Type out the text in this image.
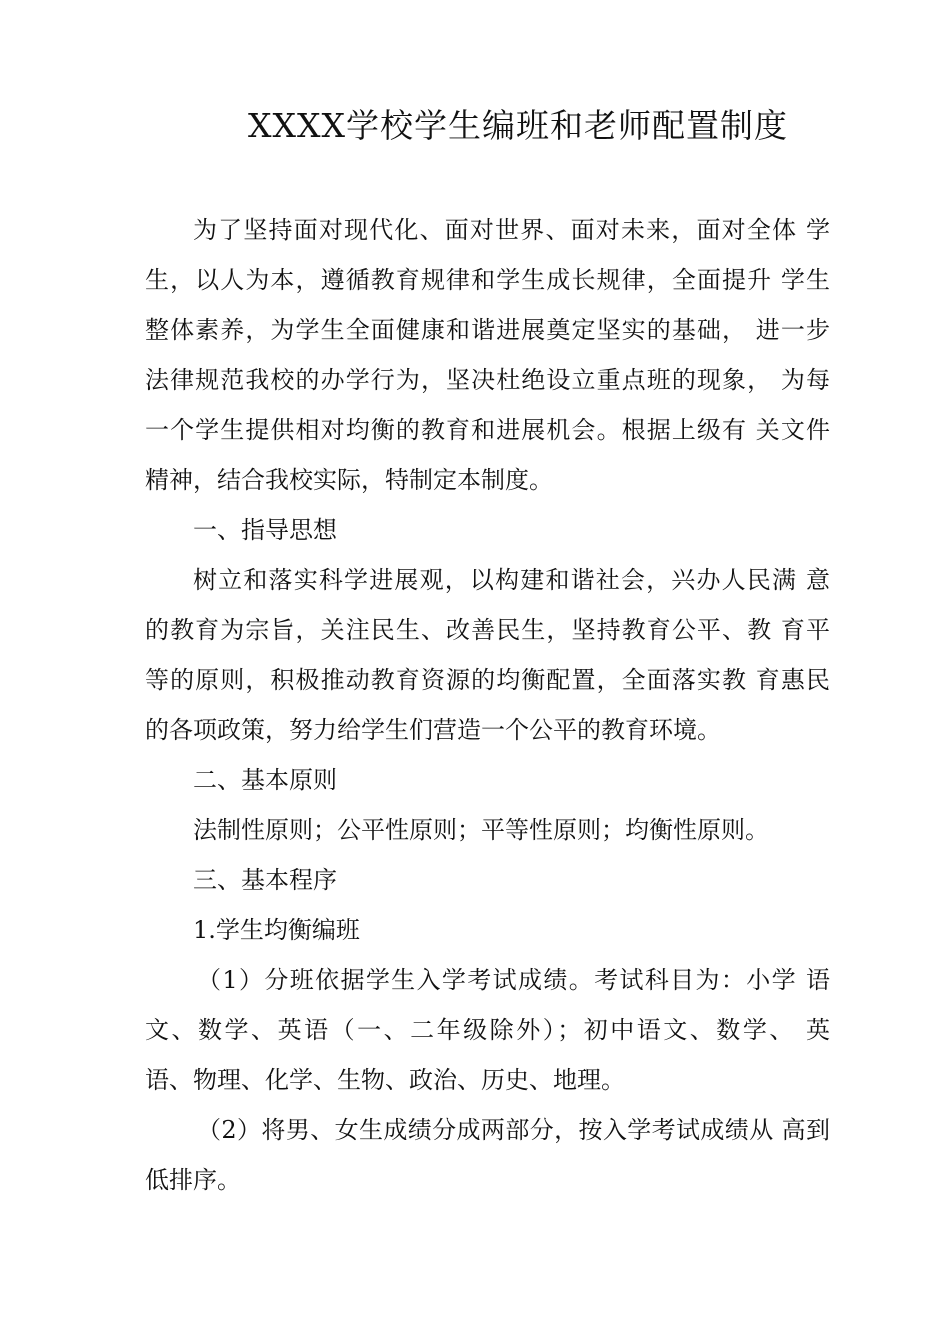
XXXX学校学生编班和老师配置制度
为了坚持面对现代化、面对世界、面对未来，面对全体 学
生，以人为本，遵循教育规律和学生成长规律，全面提升 学生
整体素养，为学生全面健康和谐进展奠定坚实的基础， 进一步
法律规范我校的办学行为，坚决杜绝设立重点班的现象， 为每
一个学生提供相对均衡的教育和进展机会。根据上级有 关文件
精神，结合我校实际，特制定本制度。
一、指导思想
树立和落实科学进展观，以构建和谐社会，兴办人民满 意
的教育为宗旨，关注民生、改善民生，坚持教育公平、教 育平
等的原则，积极推动教育资源的均衡配置，全面落实教 育惠民
的各项政策，努力给学生们营造一个公平的教育环境。
二、基本原则
法制性原则；公平性原则；平等性原则；均衡性原则。
三、基本程序
1.学生均衡编班
（1）分班依据学生入学考试成绩。考试科目为：小学 语
文、数学、英语（一、二年级除外）；初中语文、数学、 英
语、物理、化学、生物、政治、历史、地理。
（2）将男、女生成绩分成两部分，按入学考试成绩从 高到
低排序。
